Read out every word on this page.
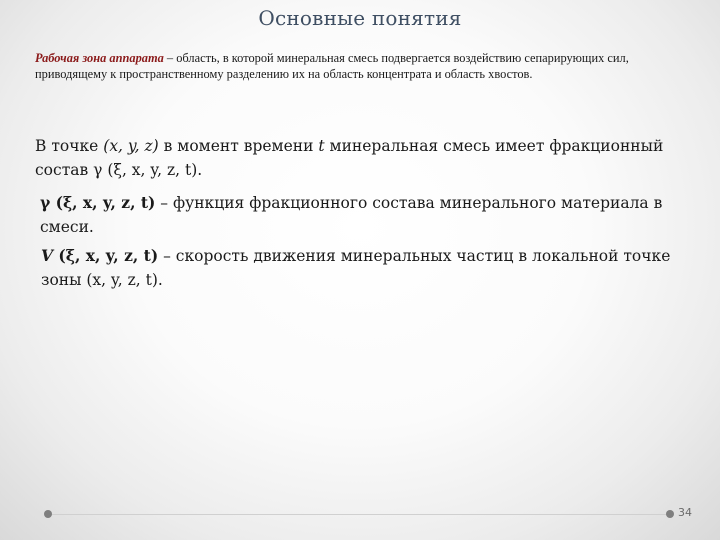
Основные понятия
Рабочая зона аппарата – область, в которой минеральная смесь подвергается воздействию сепарирующих сил, приводящему к пространственному разделению их на область концентрата и область хвостов.
В точке (x, y, z) в момент времени t минеральная смесь имеет фракционный состав γ (ξ, x, y, z, t).
γ (ξ, x, y, z, t) – функция фракционного состава минерального материала в смеси.
V (ξ, x, y, z, t) – скорость движения минеральных частиц в локальной точке зоны (x, y, z, t).
34
